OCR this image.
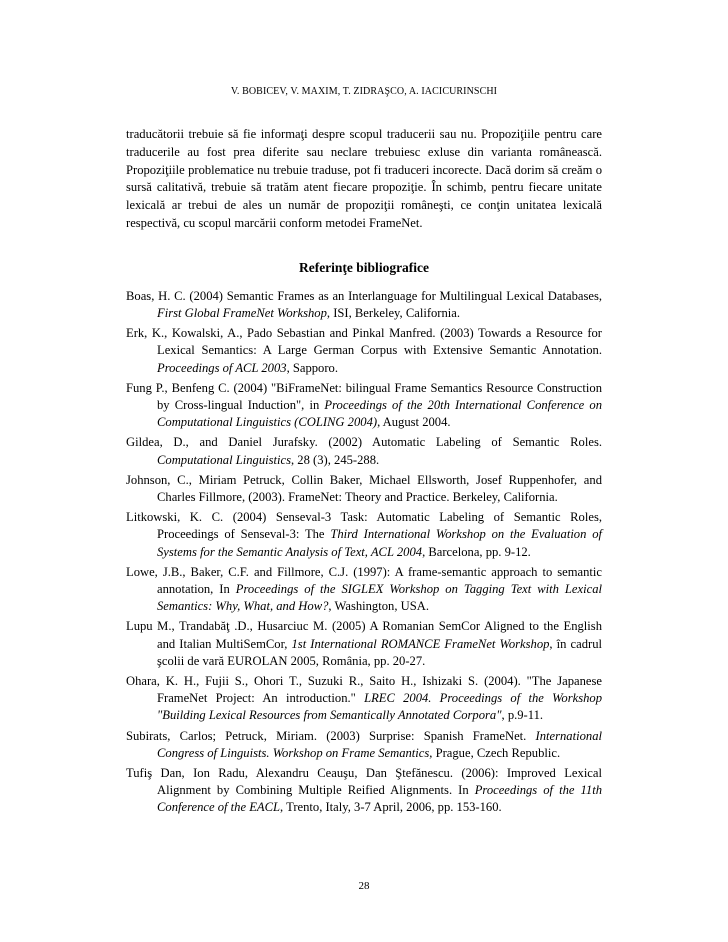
V. BOBICEV, V. MAXIM, T. ZIDRAŞCO, A. IACICURINSCHI

traducătorii trebuie să fie informaţi despre scopul traducerii sau nu. Propoziţiile pentru care traducerile au fost prea diferite sau neclare trebuiesc exluse din varianta românească. Propoziţiile problematice nu trebuie traduse, pot fi traduceri incorecte. Dacă dorim să creăm o sursă calitativă, trebuie să tratăm atent fiecare propoziţie. În schimb, pentru fiecare unitate lexicală ar trebui de ales un număr de propoziţii româneşti, ce conţin unitatea lexicală respectivă, cu scopul marcării conform metodei FrameNet.

Referinţe bibliografice
Boas, H. C. (2004) Semantic Frames as an Interlanguage for Multilingual Lexical Databases, First Global FrameNet Workshop, ISI, Berkeley, California.
Erk, K., Kowalski, A., Pado Sebastian and Pinkal Manfred. (2003) Towards a Resource for Lexical Semantics: A Large German Corpus with Extensive Semantic Annotation. Proceedings of ACL 2003, Sapporo.
Fung P., Benfeng C. (2004) "BiFrameNet: bilingual Frame Semantics Resource Construction by Cross-lingual Induction", in Proceedings of the 20th International Conference on Computational Linguistics (COLING 2004), August 2004.
Gildea, D., and Daniel Jurafsky. (2002) Automatic Labeling of Semantic Roles. Computational Linguistics, 28 (3), 245-288.
Johnson, C., Miriam Petruck, Collin Baker, Michael Ellsworth, Josef Ruppenhofer, and Charles Fillmore, (2003). FrameNet: Theory and Practice. Berkeley, California.
Litkowski, K. C. (2004) Senseval-3 Task: Automatic Labeling of Semantic Roles, Proceedings of Senseval-3: The Third International Workshop on the Evaluation of Systems for the Semantic Analysis of Text, ACL 2004, Barcelona, pp. 9-12.
Lowe, J.B., Baker, C.F. and Fillmore, C.J. (1997): A frame-semantic approach to semantic annotation, In Proceedings of the SIGLEX Workshop on Tagging Text with Lexical Semantics: Why, What, and How?, Washington, USA.
Lupu M., Trandabăţ .D., Husarciuc M. (2005) A Romanian SemCor Aligned to the English and Italian MultiSemCor, 1st International ROMANCE FrameNet Workshop, în cadrul şcolii de vară EUROLAN 2005, România, pp. 20-27.
Ohara, K. H., Fujii S., Ohori T., Suzuki R., Saito H., Ishizaki S. (2004). "The Japanese FrameNet Project: An introduction." LREC 2004. Proceedings of the Workshop "Building Lexical Resources from Semantically Annotated Corpora", p.9-11.
Subirats, Carlos; Petruck, Miriam. (2003) Surprise: Spanish FrameNet. International Congress of Linguists. Workshop on Frame Semantics, Prague, Czech Republic.
Tufiş Dan, Ion Radu, Alexandru Ceauşu, Dan Ştefănescu. (2006): Improved Lexical Alignment by Combining Multiple Reified Alignments. In Proceedings of the 11th Conference of the EACL, Trento, Italy, 3-7 April, 2006, pp. 153-160.
28
